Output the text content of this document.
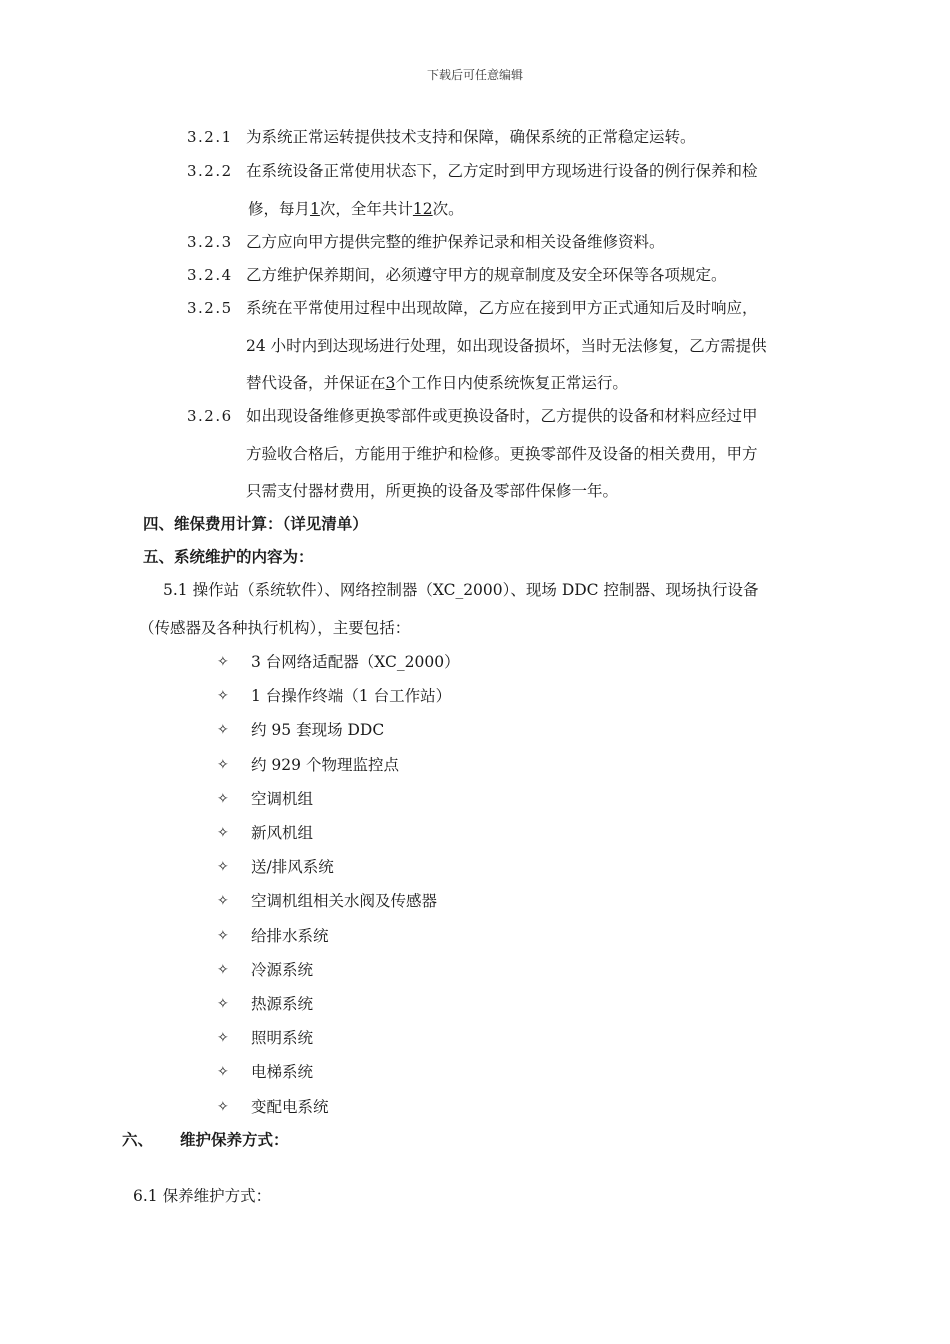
下载后可任意编辑
3.2.1 为系统正常运转提供技术支持和保障，确保系统的正常稳定运转。
3.2.2 在系统设备正常使用状态下，乙方定时到甲方现场进行设备的例行保养和检
修，每月1次，全年共计12次。
3.2.3 乙方应向甲方提供完整的维护保养记录和相关设备维修资料。
3.2.4 乙方维护保养期间，必须遵守甲方的规章制度及安全环保等各项规定。
3.2.5 系统在平常使用过程中出现故障，乙方应在接到甲方正式通知后及时响应，
24 小时内到达现场进行处理，如出现设备损坏，当时无法修复，乙方需提供
替代设备，并保证在3个工作日内使系统恢复正常运行。
3.2.6 如出现设备维修更换零部件或更换设备时，乙方提供的设备和材料应经过甲
方验收合格后，方能用于维护和检修。更换零部件及设备的相关费用，甲方
只需支付器材费用，所更换的设备及零部件保修一年。
四、维保费用计算：（详见清单）
五、系统维护的内容为：
5.1 操作站（系统软件）、网络控制器（XC_2000）、现场 DDC 控制器、现场执行设备
（传感器及各种执行机构），主要包括：
✧ 3 台网络适配器（XC_2000）
✧ 1 台操作终端（1 台工作站）
✧ 约 95 套现场 DDC
✧ 约 929 个物理监控点
✧ 空调机组
✧ 新风机组
✧ 送/排风系统
✧ 空调机组相关水阀及传感器
✧ 给排水系统
✧ 冷源系统
✧ 热源系统
✧ 照明系统
✧ 电梯系统
✧ 变配电系统
六、 维护保养方式：
6.1 保养维护方式：
